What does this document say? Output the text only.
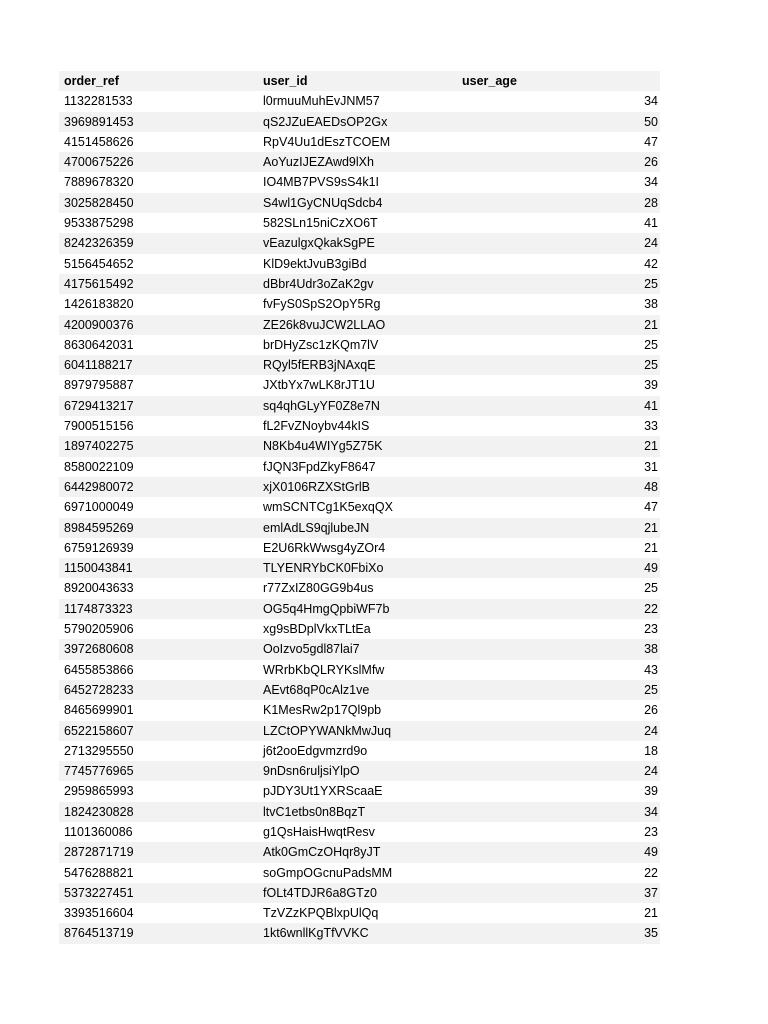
order_ref	user_id	user_age
1132281533	l0rmuuMuhEvJNM57	34
3969891453	qS2JZuEAEDsOP2Gx	50
4151458626	RpV4Uu1dEszTCOEM	47
4700675226	AoYuzIJEZAwd9lXh	26
7889678320	IO4MB7PVS9sS4k1I	34
3025828450	S4wl1GyCNUqSdcb4	28
9533875298	582SLn15niCzXO6T	41
8242326359	vEazulgxQkakSgPE	24
5156454652	KlD9ektJvuB3giBd	42
4175615492	dBbr4Udr3oZaK2gv	25
1426183820	fvFyS0SpS2OpY5Rg	38
4200900376	ZE26k8vuJCW2LLAO	21
8630642031	brDHyZsc1zKQm7lV	25
6041188217	RQyl5fERB3jNAxqE	25
8979795887	JXtbYx7wLK8rJT1U	39
6729413217	sq4qhGLyYF0Z8e7N	41
7900515156	fL2FvZNoybv44kIS	33
1897402275	N8Kb4u4WIYg5Z75K	21
8580022109	fJQN3FpdZkyF8647	31
6442980072	xjX0106RZXStGrlB	48
6971000049	wmSCNTCg1K5exqQX	47
8984595269	emlAdLS9qjlubeJN	21
6759126939	E2U6RkWwsg4yZOr4	21
1150043841	TLYENRYbCK0FbiXo	49
8920043633	r77ZxIZ80GG9b4us	25
1174873323	OG5q4HmgQpbiWF7b	22
5790205906	xg9sBDplVkxTLtEa	23
3972680608	OoIzvo5gdl87lai7	38
6455853866	WRrbKbQLRYKslMfw	43
6452728233	AEvt68qP0cAlz1ve	25
8465699901	K1MesRw2p17Ql9pb	26
6522158607	LZCtOPYWANkMwJuq	24
2713295550	j6t2ooEdgvmzrd9o	18
7745776965	9nDsn6ruljsiYlpO	24
2959865993	pJDY3Ut1YXRScaaE	39
1824230828	ltvC1etbs0n8BqzT	34
1101360086	g1QsHaisHwqtResv	23
2872871719	Atk0GmCzOHqr8yJT	49
5476288821	soGmpOGcnuPadsMM	22
5373227451	fOLt4TDJR6a8GTz0	37
3393516604	TzVZzKPQBlxpUlQq	21
8764513719	1kt6wnllKgTfVVKC	35
